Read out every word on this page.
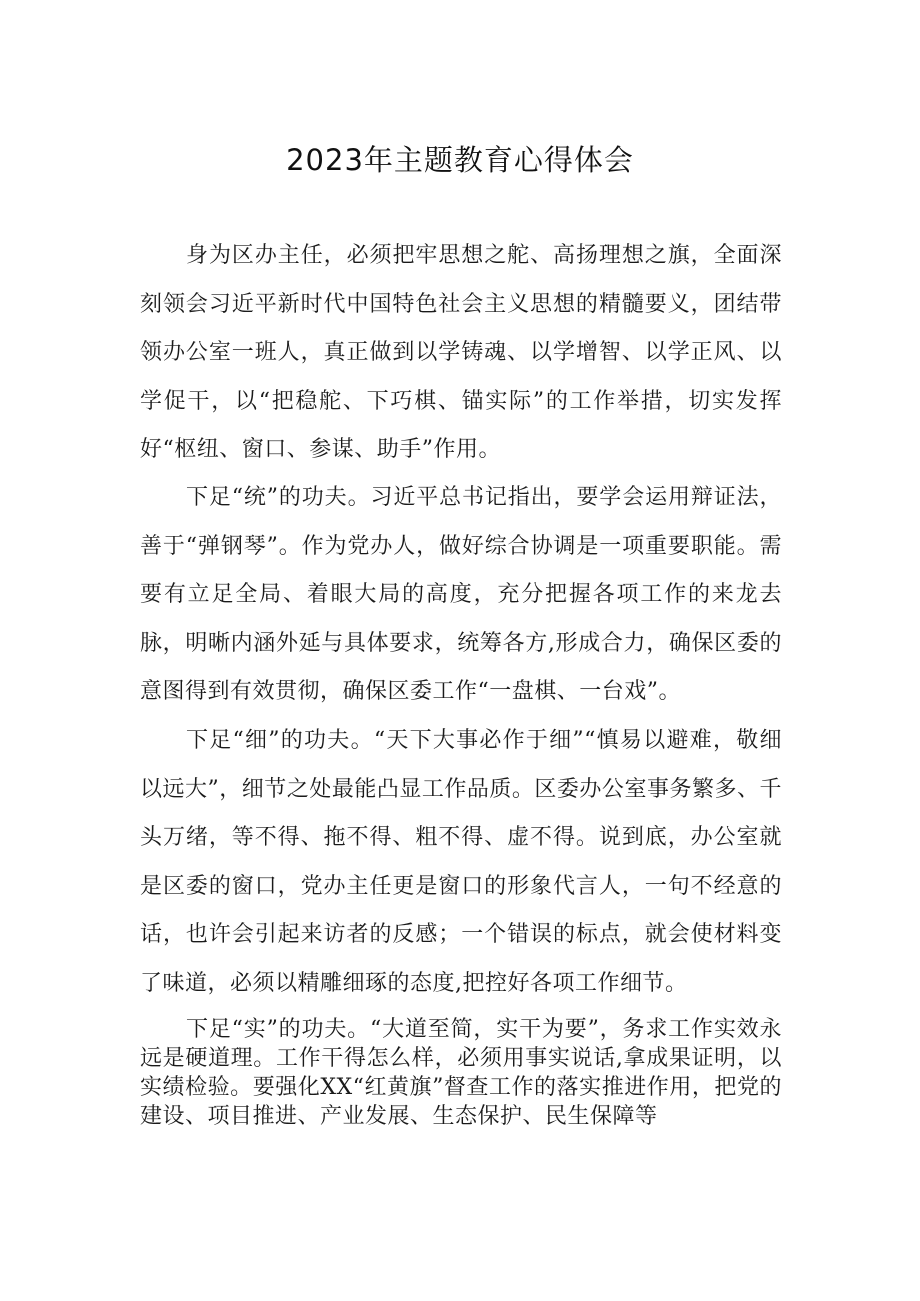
2023年主题教育心得体会

身为区办主任，必须把牢思想之舵、高扬理想之旗，全面深刻领会习近平新时代中国特色社会主义思想的精髓要义，团结带领办公室一班人，真正做到以学铸魂、以学增智、以学正风、以学促干，以“把稳舵、下巧棋、锚实际”的工作举措，切实发挥好“枢纽、窗口、参谋、助手”作用。

下足“统”的功夫。习近平总书记指出，要学会运用辩证法，善于“弹钢琴”。作为党办人，做好综合协调是一项重要职能。需要有立足全局、着眼大局的高度，充分把握各项工作的来龙去脉，明晰内涵外延与具体要求，统筹各方,形成合力，确保区委的意图得到有效贯彻，确保区委工作“一盘棋、一台戏”。

下足“细”的功夫。“天下大事必作于细”“慎易以避难，敬细以远大”，细节之处最能凸显工作品质。区委办公室事务繁多、千头万绪，等不得、拖不得、粗不得、虚不得。说到底，办公室就是区委的窗口，党办主任更是窗口的形象代言人，一句不经意的话，也许会引起来访者的反感；一个错误的标点，就会使材料变了味道，必须以精雕细琢的态度,把控好各项工作细节。

下足“实”的功夫。“大道至简，实干为要”，务求工作实效永远是硬道理。工作干得怎么样，必须用事实说话,拿成果证明，以实绩检验。要强化XX“红黄旗”督查工作的落实推进作用，把党的建设、项目推进、产业发展、生态保护、民生保障等
